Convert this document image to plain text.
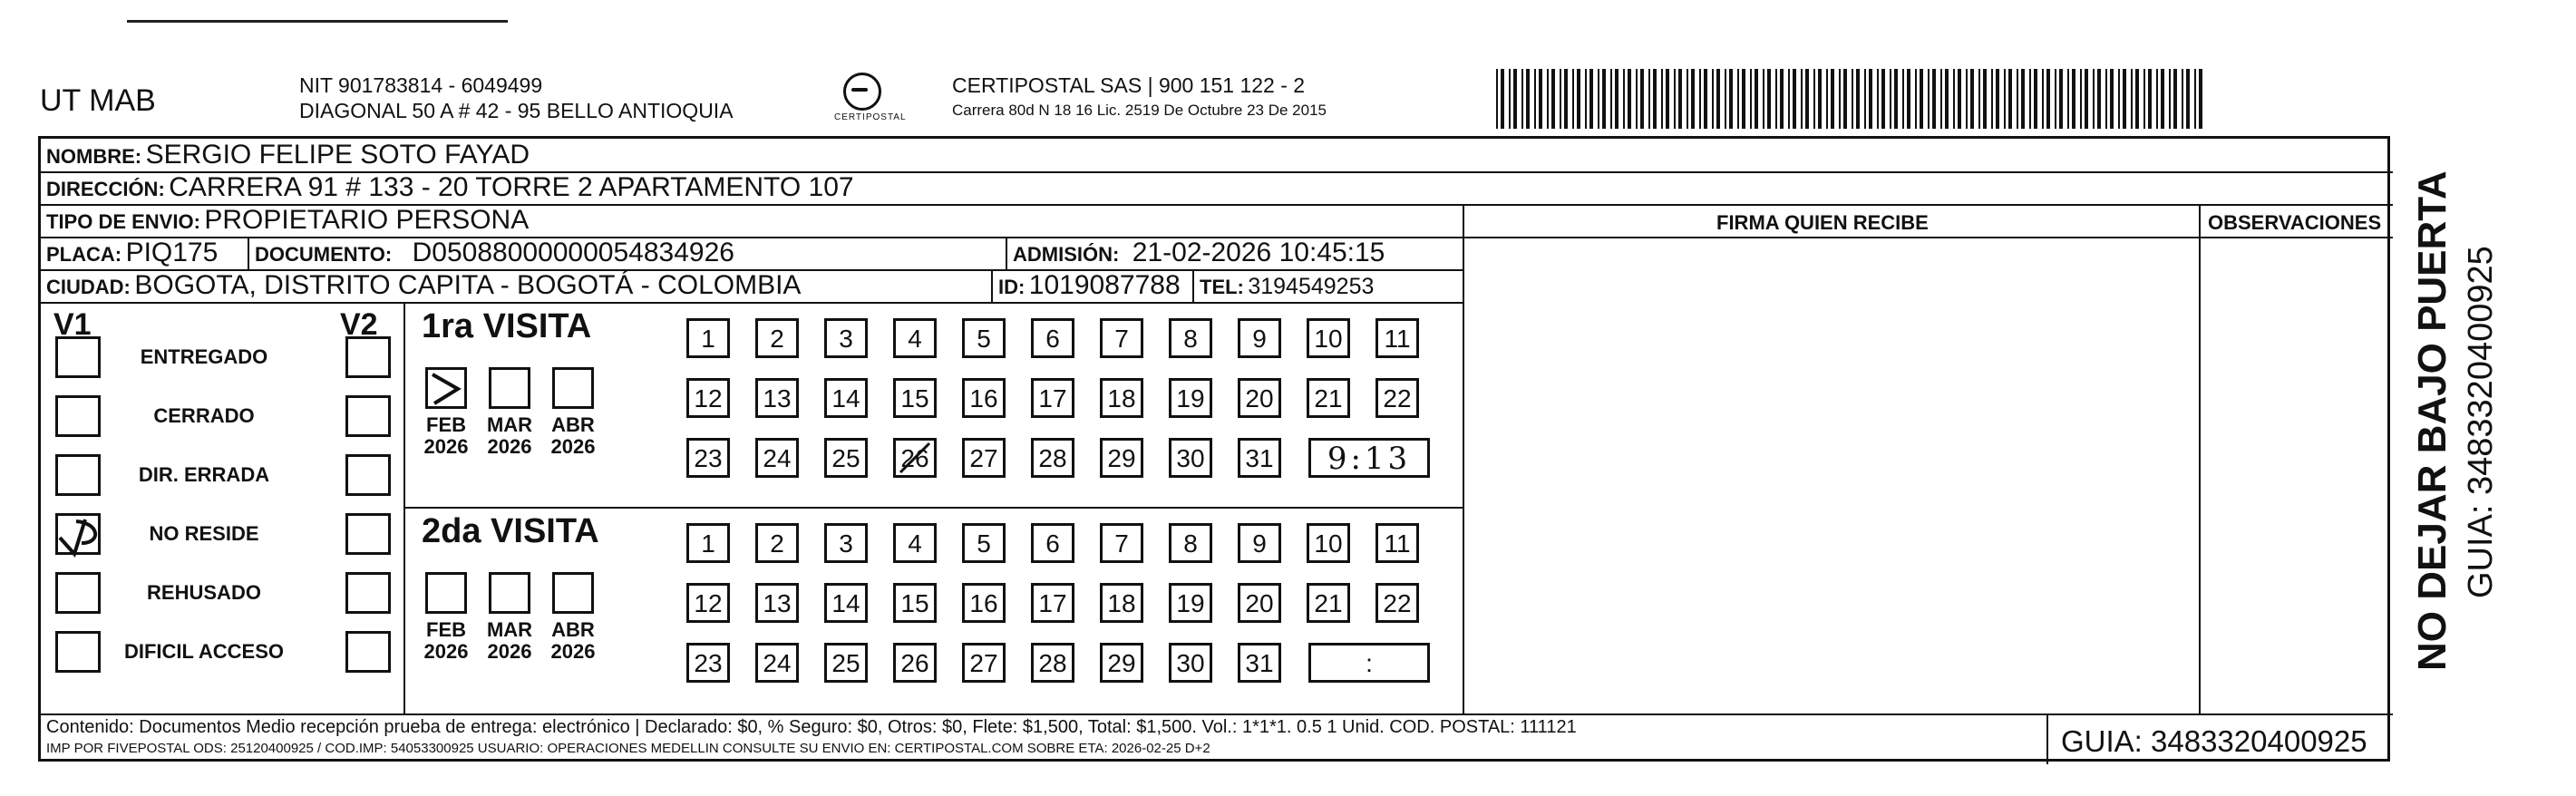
UT MAB	NIT 901783814 - 6049499
DIAGONAL 50 A # 42 - 95 BELLO ANTIOQUIA	CERTIPOSTAL
CERTIPOSTAL SAS | 900 151 122 - 2
Carrera 80d N 18 16 Lic. 2519 De Octubre 23 De 2015
NOMBRE: SERGIO FELIPE SOTO FAYAD
DIRECCIÓN: CARRERA 91 # 133 - 20 TORRE 2 APARTAMENTO 107
TIPO DE ENVIO: PROPIETARIO PERSONA	FIRMA QUIEN RECIBE	OBSERVACIONES
PLACA: PIQ175 DOCUMENTO: D05088000000054834926	ADMISIÓN: 21-02-2026 10:45:15
CIUDAD: BOGOTA, DISTRITO CAPITA - BOGOTÁ - COLOMBIA	ID: 1019087788 TEL: 3194549253
V1	V2
ENTREGADO
CERRADO
DIR. ERRADA
NO RESIDE
REHUSADO
DIFICIL ACCESO
1ra VISITA
FEB
2026
MAR
2026
ABR
2026
1	2	3	4	5	6	7	8	9	10	11
12	13	14	15	16	17	18	19	20	21	22
23	24	25	26	27	28	29	30	31	9:13
2da VISITA
FEB
2026
MAR
2026
ABR
2026
1	2	3	4	5	6	7	8	9	10	11
12	13	14	15	16	17	18	19	20	21	22
23	24	25	26	27	28	29	30	31	:
Contenido: Documentos Medio recepción prueba de entrega: electrónico | Declarado: $0, % Seguro: $0, Otros: $0, Flete: $1,500, Total: $1,500. Vol.: 1*1*1. 0.5 1 Unid. COD. POSTAL: 111121
IMP POR FIVEPOSTAL ODS: 25120400925 / COD.IMP: 54053300925 USUARIO: OPERACIONES MEDELLIN CONSULTE SU ENVIO EN: CERTIPOSTAL.COM SOBRE ETA: 2026-02-25 D+2	GUIA: 3483320400925
NO DEJAR BAJO PUERTA GUIA: 3483320400925
